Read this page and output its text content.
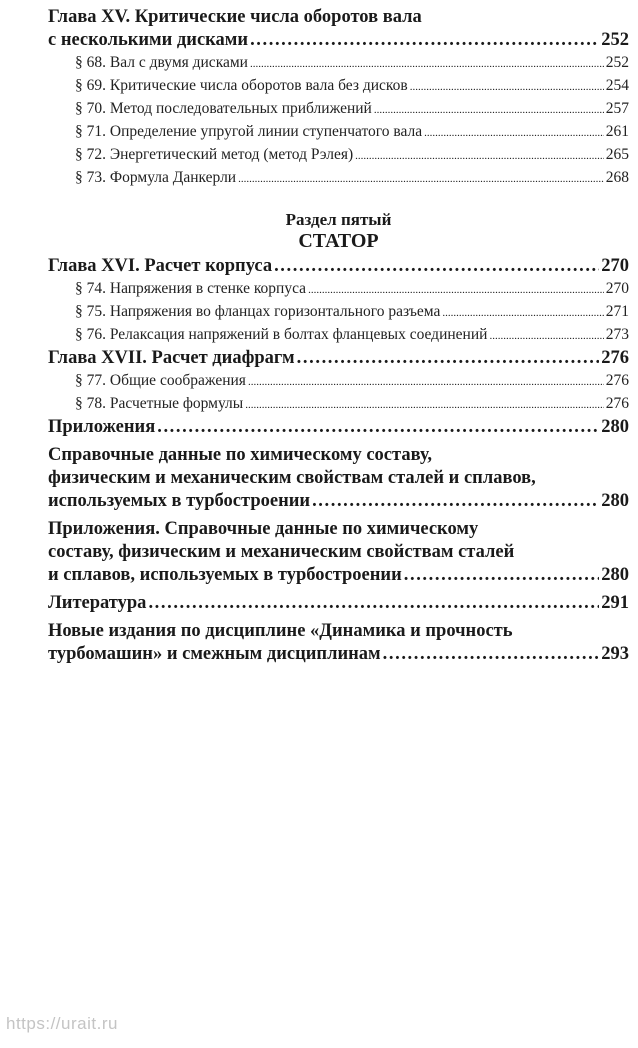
Глава XV. Критические числа оборотов вала
с несколькими дисками .....	252
§ 68. Вал с двумя дисками .....	252
§ 69. Критические числа оборотов вала без дисков .....	254
§ 70. Метод последовательных приближений .....	257
§ 71. Определение упругой линии ступенчатого вала .....	261
§ 72. Энергетический метод (метод Рэлея) .....	265
§ 73. Формула Данкерли .....	268
Раздел пятый
СТАТОР
Глава XVI. Расчет корпуса .....	270
§ 74. Напряжения в стенке корпуса .....	270
§ 75. Напряжения во фланцах горизонтального разъема .....	271
§ 76. Релаксация напряжений в болтах фланцевых соединений .....	273
Глава XVII. Расчет диафрагм .....	276
§ 77. Общие соображения .....	276
§ 78. Расчетные формулы .....	276
Приложения .....	280
Справочные данные по химическому составу,
физическим и механическим свойствам сталей и сплавов,
используемых в турбостроении .....	280
Приложения. Справочные данные по химическому
составу, физическим и механическим свойствам сталей
и сплавов, используемых в турбостроении .....	280
Литература .....	291
Новые издания по дисциплине «Динамика и прочность
турбомашин» и смежным дисциплинам .....	293
https://urait.ru
